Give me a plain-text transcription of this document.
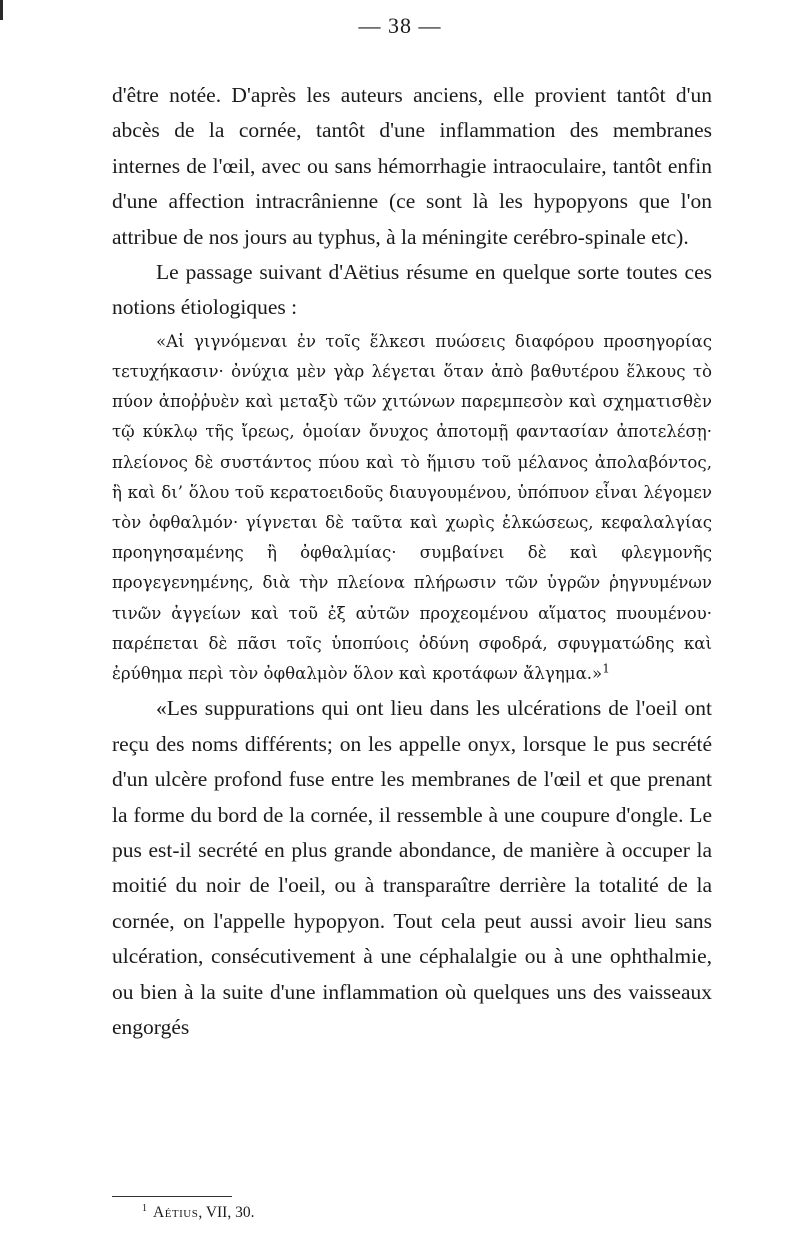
— 38 —

d'être notée. D'après les auteurs anciens, elle provient tantôt d'un abcès de la cornée, tantôt d'une inflammation des membranes internes de l'œil, avec ou sans hémorrhagie intraoculaire, tantôt enfin d'une affection intracrânienne (ce sont là les hypopyons que l'on attribue de nos jours au typhus, à la méningite cerébro-spinale etc).

Le passage suivant d'Aëtius résume en quelque sorte toutes ces notions étiologiques :

«Αἱ γιγνόμεναι ἐν τοῖς ἕλκεσι πυώσεις διαφόρου προσηγορίας τετυχήκασιν· ὀνύχια μὲν γὰρ λέγεται ὅταν ἀπὸ βαθυτέρου ἕλκους τὸ πύον ἀποῤῥυὲν καὶ μεταξὺ τῶν χιτώνων παρεμπεσὸν καὶ σχηματισθὲν τῷ κύκλῳ τῆς ἴρεως, ὁμοίαν ὄνυχος ἀποτομῇ φαντασίαν ἀποτελέσῃ· πλείονος δὲ συστάντος πύου καὶ τὸ ἥμισυ τοῦ μέλανος ἀπολαβόντος, ἢ καὶ δι’ ὅλου τοῦ κερατοειδοῦς διαυγουμένου, ὑπόπυον εἶναι λέγομεν τὸν ὀφθαλμόν· γίγνεται δὲ ταῦτα καὶ χωρὶς ἑλκώσεως, κεφαλαλγίας προηγησαμένης ἢ ὀφθαλμίας· συμβαίνει δὲ καὶ φλεγμονῆς προγεγενημένης, διὰ τὴν πλείονα πλήρωσιν τῶν ὑγρῶν ῥηγνυμένων τινῶν ἀγγείων καὶ τοῦ ἐξ αὐτῶν προχεομένου αἵματος πυουμένου· παρέπεται δὲ πᾶσι τοῖς ὑποπύοις ὀδύνη σφοδρά, σφυγματώδης καὶ ἐρύθημα περὶ τὸν ὀφθαλμὸν ὅλον καὶ κροτάφων ἄλγημα.»$^1$

«Les suppurations qui ont lieu dans les ulcérations de l'oeil ont reçu des noms différents; on les appelle onyx, lorsque le pus secrété d'un ulcère profond fuse entre les membranes de l'œil et que prenant la forme du bord de la cornée, il ressemble à une coupure d'ongle. Le pus est-il secrété en plus grande abondance, de manière à occuper la moitié du noir de l'oeil, ou à transparaître derrière la totalité de la cornée, on l'appelle hypopyon. Tout cela peut aussi avoir lieu sans ulcération, consécutivement à une céphalalgie ou à une ophthalmie, ou bien à la suite d'une inflammation où quelques uns des vaisseaux engorgés

$^1$ Aétius, VII, 30.
